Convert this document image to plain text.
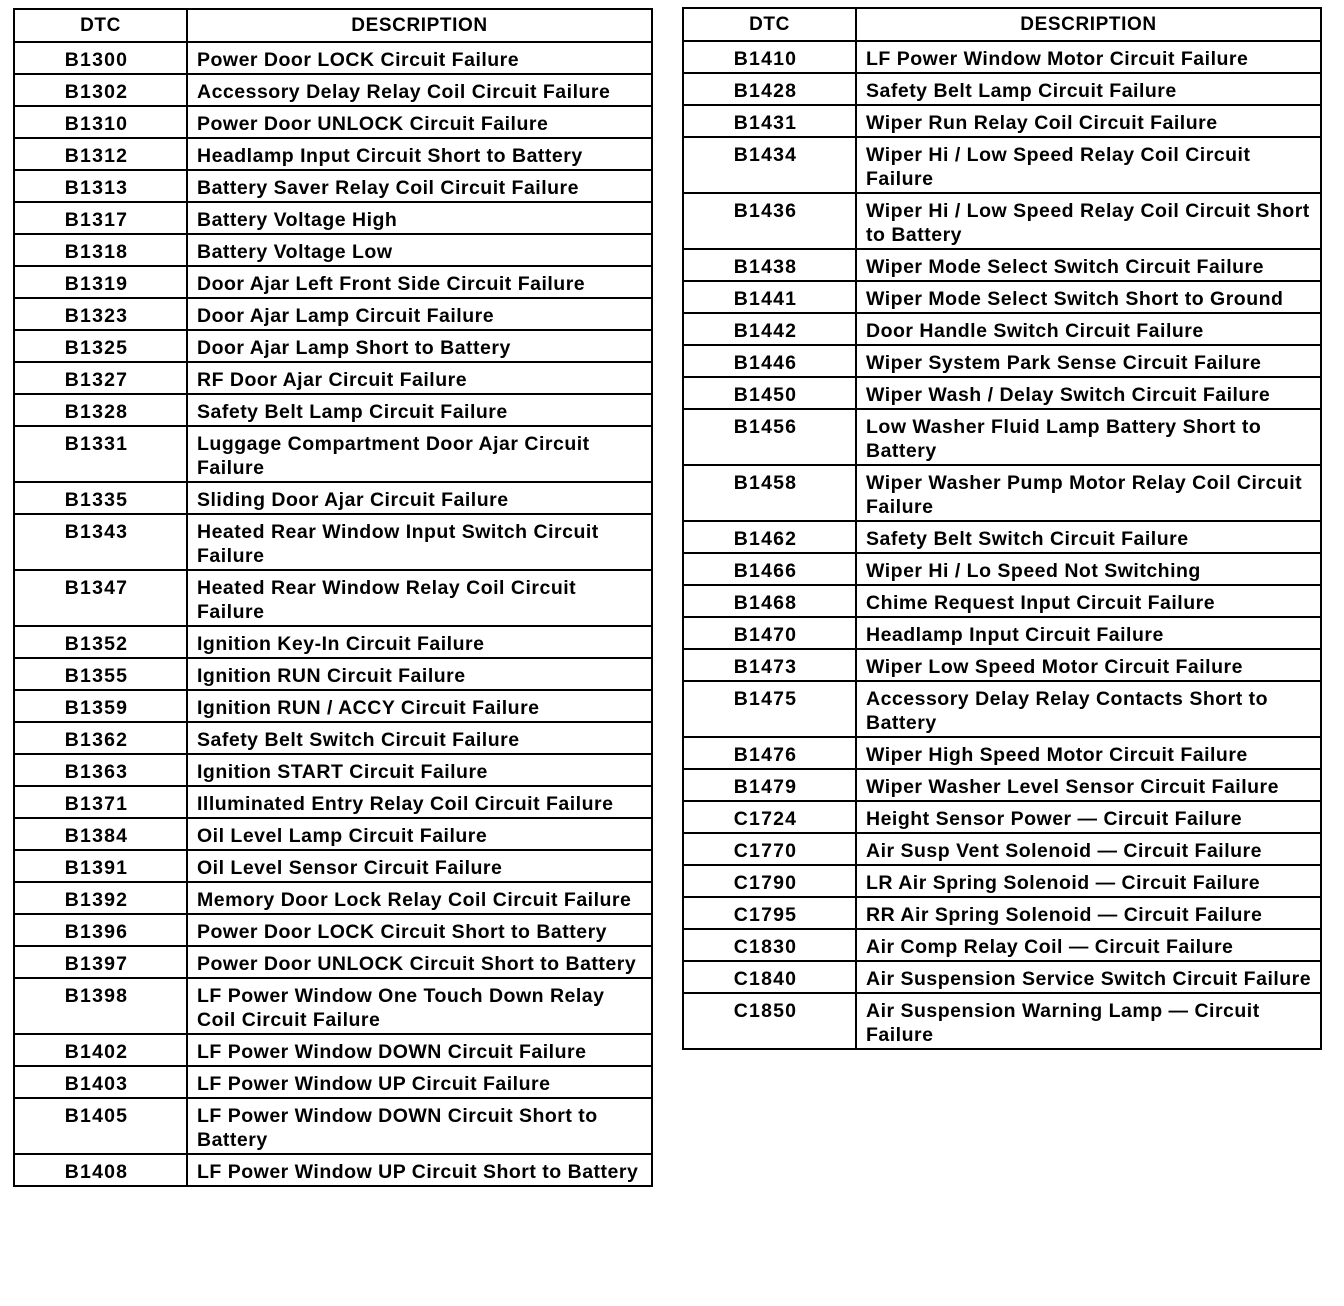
DTC	DESCRIPTION
B1300	Power Door LOCK Circuit Failure
B1302	Accessory Delay Relay Coil Circuit Failure
B1310	Power Door UNLOCK Circuit Failure
B1312	Headlamp Input Circuit Short to Battery
B1313	Battery Saver Relay Coil Circuit Failure
B1317	Battery Voltage High
B1318	Battery Voltage Low
B1319	Door Ajar Left Front Side Circuit Failure
B1323	Door Ajar Lamp Circuit Failure
B1325	Door Ajar Lamp Short to Battery
B1327	RF Door Ajar Circuit Failure
B1328	Safety Belt Lamp Circuit Failure
B1331	Luggage Compartment Door Ajar Circuit Failure
B1335	Sliding Door Ajar Circuit Failure
B1343	Heated Rear Window Input Switch Circuit Failure
B1347	Heated Rear Window Relay Coil Circuit Failure
B1352	Ignition Key-In Circuit Failure
B1355	Ignition RUN Circuit Failure
B1359	Ignition RUN / ACCY Circuit Failure
B1362	Safety Belt Switch Circuit Failure
B1363	Ignition START Circuit Failure
B1371	Illuminated Entry Relay Coil Circuit Failure
B1384	Oil Level Lamp Circuit Failure
B1391	Oil Level Sensor Circuit Failure
B1392	Memory Door Lock Relay Coil Circuit Failure
B1396	Power Door LOCK Circuit Short to Battery
B1397	Power Door UNLOCK Circuit Short to Battery
B1398	LF Power Window One Touch Down Relay Coil Circuit Failure
B1402	LF Power Window DOWN Circuit Failure
B1403	LF Power Window UP Circuit Failure
B1405	LF Power Window DOWN Circuit Short to Battery
B1408	LF Power Window UP Circuit Short to Battery
DTC	DESCRIPTION
B1410	LF Power Window Motor Circuit Failure
B1428	Safety Belt Lamp Circuit Failure
B1431	Wiper Run Relay Coil Circuit Failure
B1434	Wiper Hi / Low Speed Relay Coil Circuit Failure
B1436	Wiper Hi / Low Speed Relay Coil Circuit Short to Battery
B1438	Wiper Mode Select Switch Circuit Failure
B1441	Wiper Mode Select Switch Short to Ground
B1442	Door Handle Switch Circuit Failure
B1446	Wiper System Park Sense Circuit Failure
B1450	Wiper Wash / Delay Switch Circuit Failure
B1456	Low Washer Fluid Lamp Battery Short to Battery
B1458	Wiper Washer Pump Motor Relay Coil Circuit Failure
B1462	Safety Belt Switch Circuit Failure
B1466	Wiper Hi / Lo Speed Not Switching
B1468	Chime Request Input Circuit Failure
B1470	Headlamp Input Circuit Failure
B1473	Wiper Low Speed Motor Circuit Failure
B1475	Accessory Delay Relay Contacts Short to Battery
B1476	Wiper High Speed Motor Circuit Failure
B1479	Wiper Washer Level Sensor Circuit Failure
C1724	Height Sensor Power — Circuit Failure
C1770	Air Susp Vent Solenoid — Circuit Failure
C1790	LR Air Spring Solenoid — Circuit Failure
C1795	RR Air Spring Solenoid — Circuit Failure
C1830	Air Comp Relay Coil — Circuit Failure
C1840	Air Suspension Service Switch Circuit Failure
C1850	Air Suspension Warning Lamp — Circuit Failure
